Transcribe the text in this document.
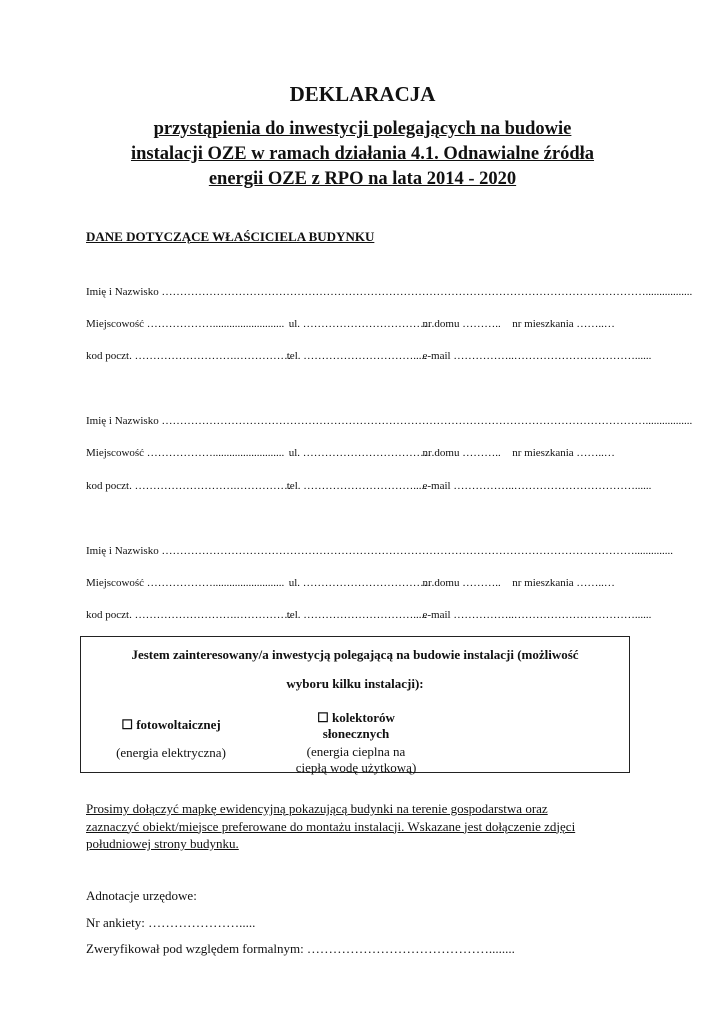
DEKLARACJA
przystąpienia do inwestycji polegających na budowie
instalacji OZE w ramach działania 4.1. Odnawialne źródła
energii OZE z RPO na lata 2014 - 2020
DANE DOTYCZĄCE WŁAŚCICIELA BUDYNKU
Imię i Nazwisko …………………………………………………………………………………………………………………….................
Miejscowość ……………….......................... ul. ……………………………… nr domu ……….. nr mieszkania ……..…
kod poczt. ……………………….…………… tel. …………………………..... e-mail ……………..……………………………......
Imię i Nazwisko …………………………………………………………………………………………………………………….................
Miejscowość ……………….......................... ul. ……………………………… nr domu ……….. nr mieszkania ……..…
kod poczt. ……………………….…………… tel. …………………………..... e-mail ……………..……………………………......
Imię i Nazwisko …………………………………………………………………………………………………………………..............
Miejscowość ……………….......................... ul. ……………………………… nr domu ……….. nr mieszkania ……..…
kod poczt. ……………………….…………… tel. …………………………..... e-mail ……………..……………………………......
Jestem zainteresowany/a inwestycją polegającą na budowie instalacji (możliwość
wyboru kilku instalacji):
☐ fotowoltaicznej
(energia elektryczna)
☐ kolektorów
słonecznych
(energia cieplna na
ciepłą wodę użytkową)
Prosimy dołączyć mapkę ewidencyjną pokazującą budynki na terenie gospodarstwa oraz
zaznaczyć obiekt/miejsce preferowane do montażu instalacji. Wskazane jest dołączenie zdjęci
południowej strony budynku.
Adnotacje urzędowe:
Nr ankiety: ………………….....
Zweryfikował pod względem formalnym: ……………………………………........
